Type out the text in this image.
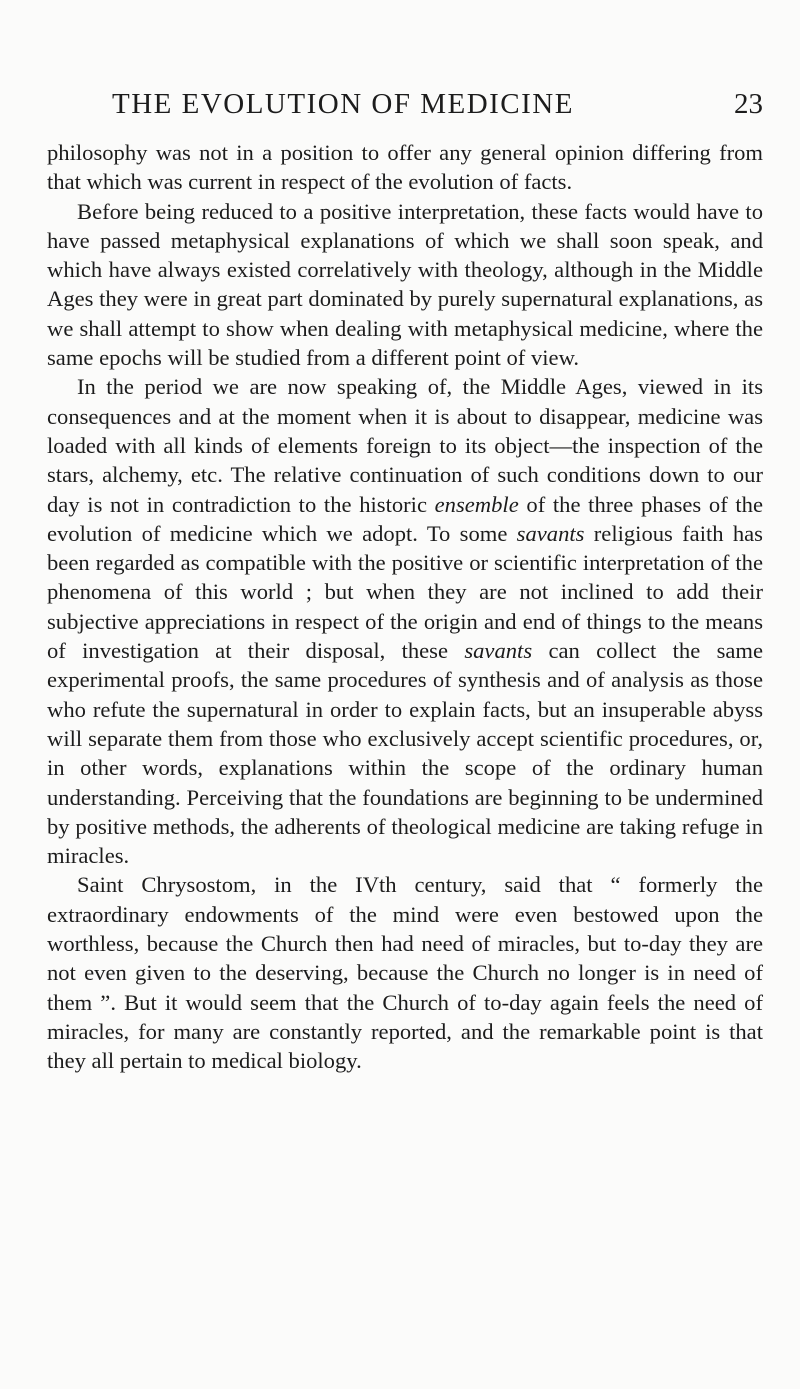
THE EVOLUTION OF MEDICINE	23

philosophy was not in a position to offer any general opinion differing from that which was current in respect of the evolution of facts.

Before being reduced to a positive interpretation, these facts would have to have passed metaphysical explanations of which we shall soon speak, and which have always existed correlatively with theology, although in the Middle Ages they were in great part dominated by purely supernatural explanations, as we shall attempt to show when dealing with metaphysical medicine, where the same epochs will be studied from a different point of view.

In the period we are now speaking of, the Middle Ages, viewed in its consequences and at the moment when it is about to disappear, medicine was loaded with all kinds of elements foreign to its object—the inspection of the stars, alchemy, etc. The relative continuation of such conditions down to our day is not in contradiction to the historic ensemble of the three phases of the evolution of medicine which we adopt. To some savants religious faith has been regarded as compatible with the positive or scientific interpretation of the phenomena of this world ; but when they are not inclined to add their subjective appreciations in respect of the origin and end of things to the means of investigation at their disposal, these savants can collect the same experimental proofs, the same procedures of synthesis and of analysis as those who refute the supernatural in order to explain facts, but an insuperable abyss will separate them from those who exclusively accept scientific procedures, or, in other words, explanations within the scope of the ordinary human understanding. Perceiving that the foundations are beginning to be undermined by positive methods, the adherents of theological medicine are taking refuge in miracles.

Saint Chrysostom, in the IVth century, said that “ formerly the extraordinary endowments of the mind were even bestowed upon the worthless, because the Church then had need of miracles, but to-day they are not even given to the deserving, because the Church no longer is in need of them ”. But it would seem that the Church of to-day again feels the need of miracles, for many are constantly reported, and the remarkable point is that they all pertain to medical biology.
